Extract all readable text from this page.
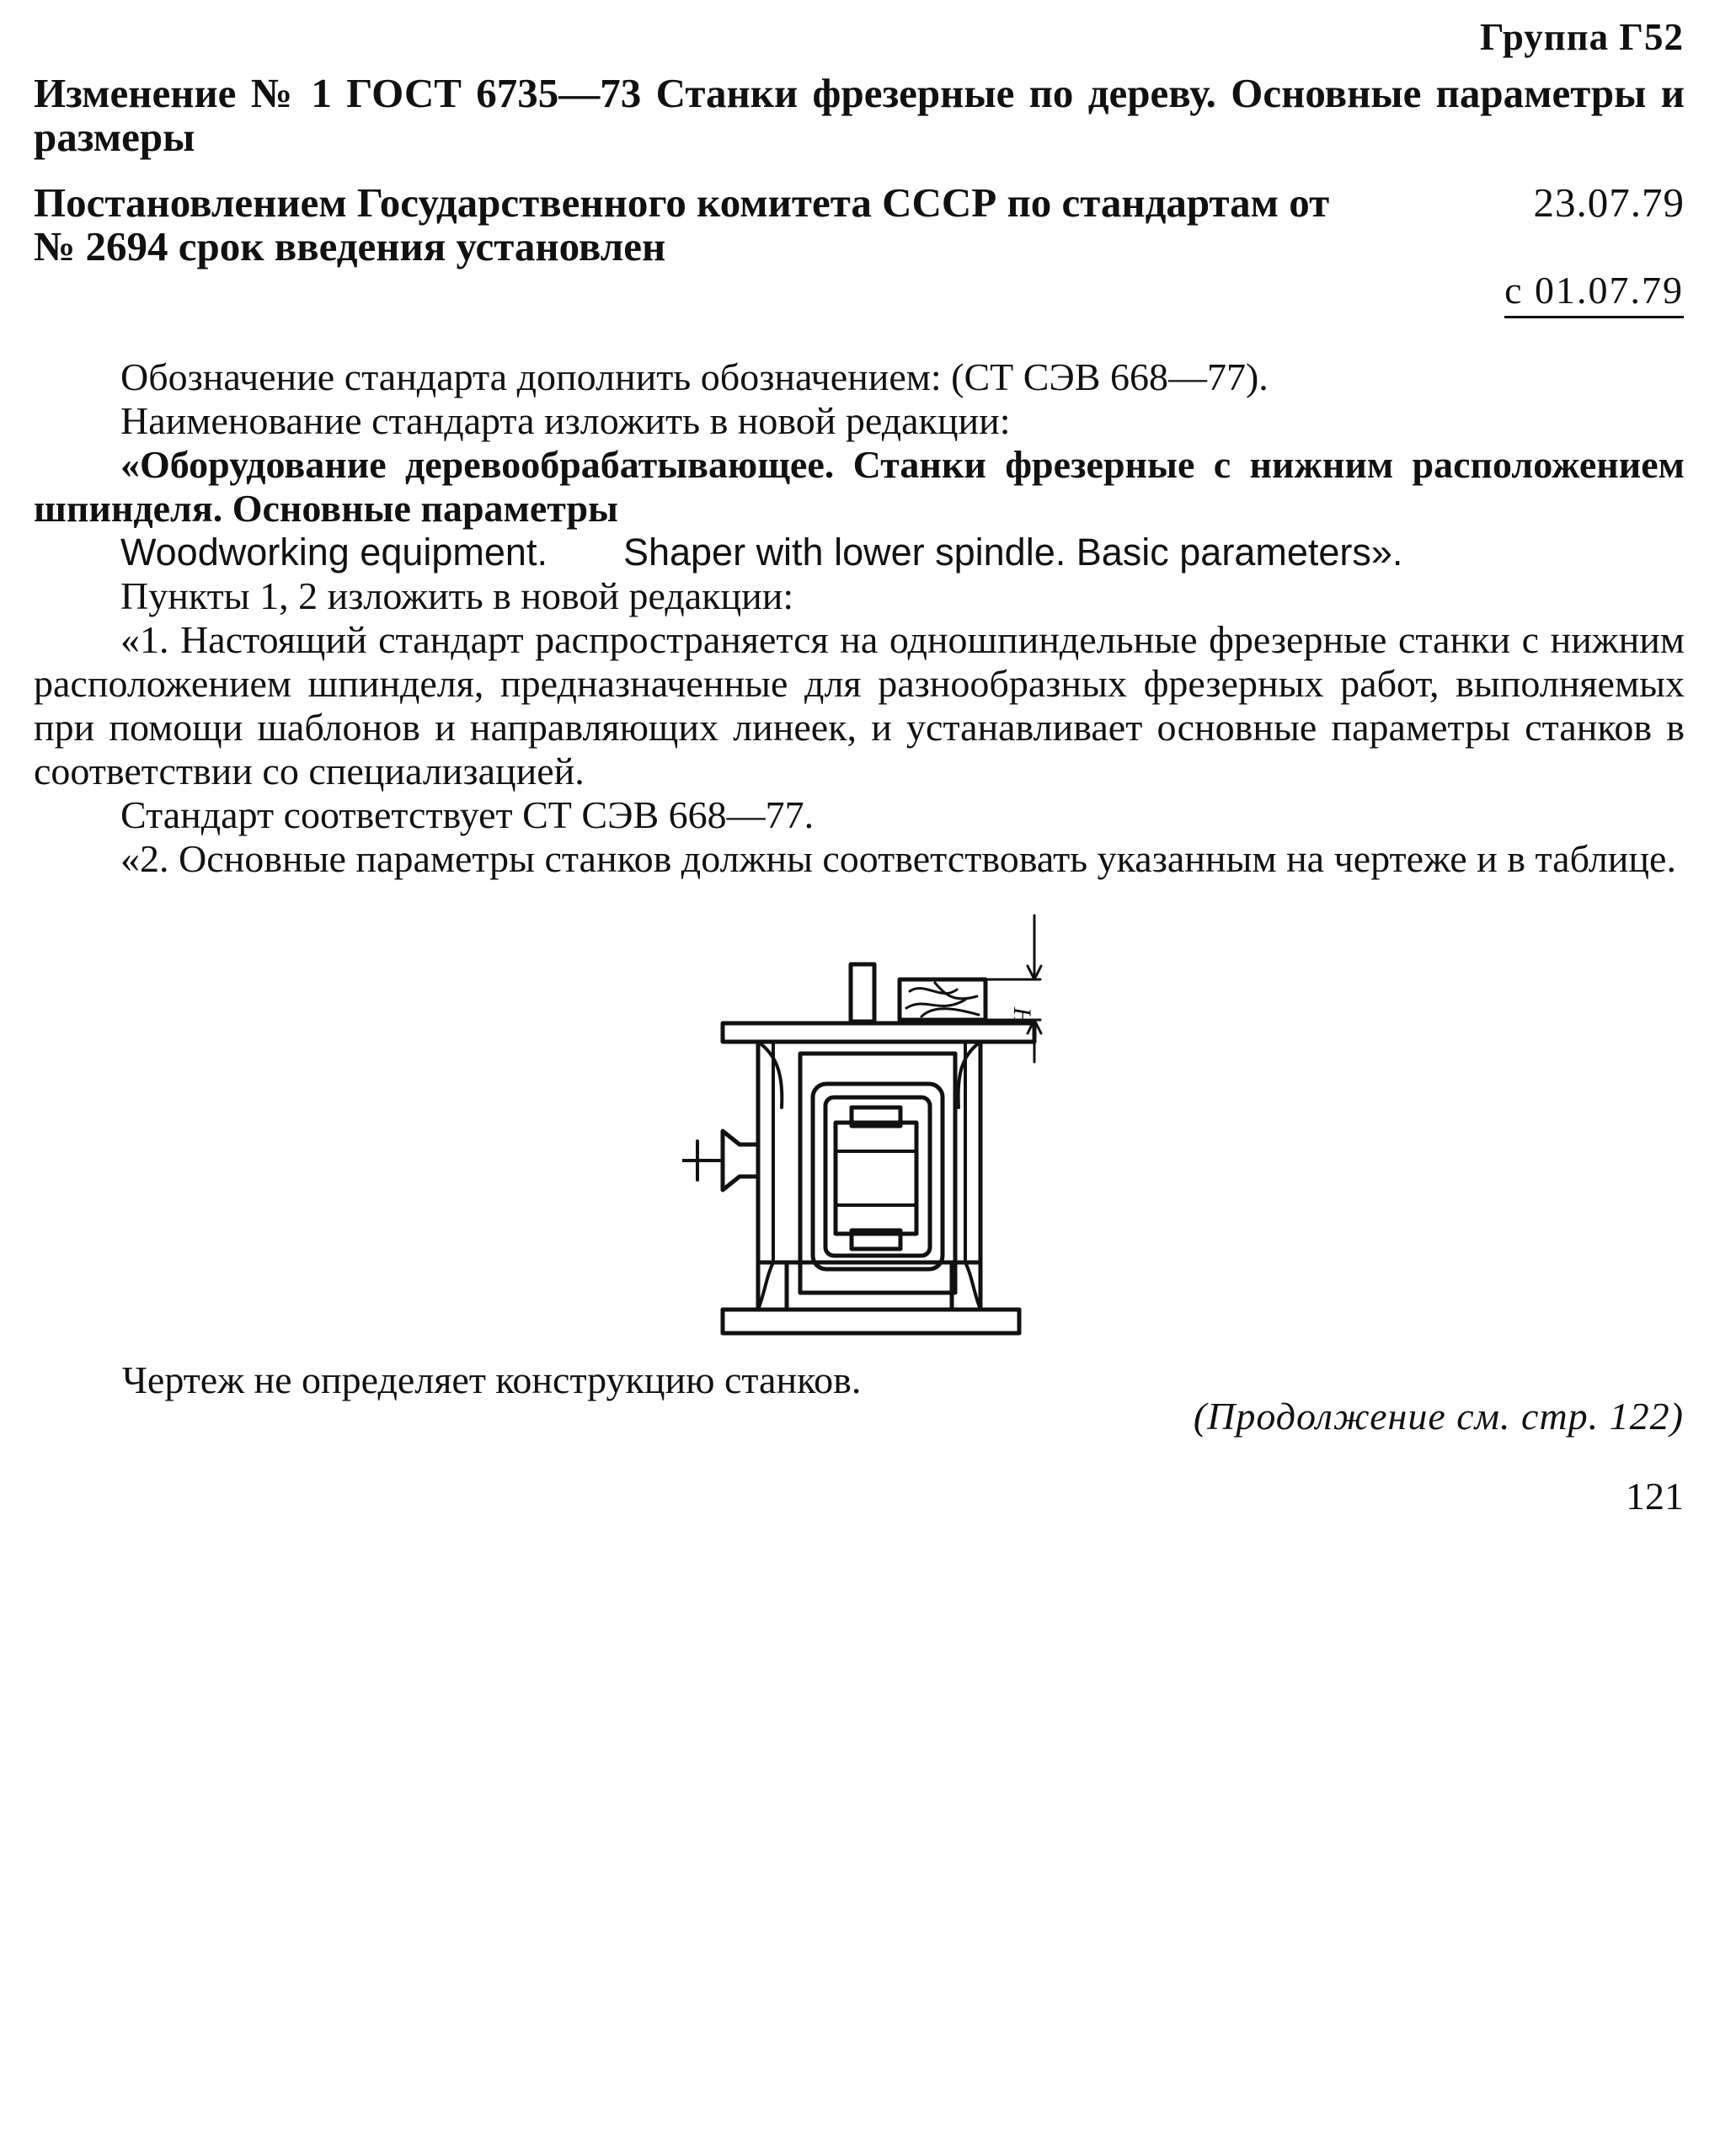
Группа Г52
Изменение № 1 ГОСТ 6735—73 Станки фрезерные по дереву. Основные параметры и размеры
Постановлением Государственного комитета СССР по стандартам от	23.07.79
№ 2694 срок введения установлен
с 01.07.79

Обозначение стандарта дополнить обозначением: (СТ СЭВ 668—77).

Наименование стандарта изложить в новой редакции:

«Оборудование деревообрабатывающее. Станки фрезерные с нижним расположением шпинделя. Основные параметры

Woodworking equipment. Shaper with lower spindle. Basic parameters».

Пункты 1, 2 изложить в новой редакции:

«1. Настоящий стандарт распространяется на одношпиндельные фрезерные станки с нижним расположением шпинделя, предназначенные для разнообразных фрезерных работ, выполняемых при помощи шаблонов и направляющих линеек, и устанавливает основные параметры станков в соответствии со специализацией.

Стандарт соответствует СТ СЭВ 668—77.

«2. Основные параметры станков должны соответствовать указанным на чертеже и в таблице.

H
Чертеж не определяет конструкцию станков.
(Продолжение см. стр. 122)
121
